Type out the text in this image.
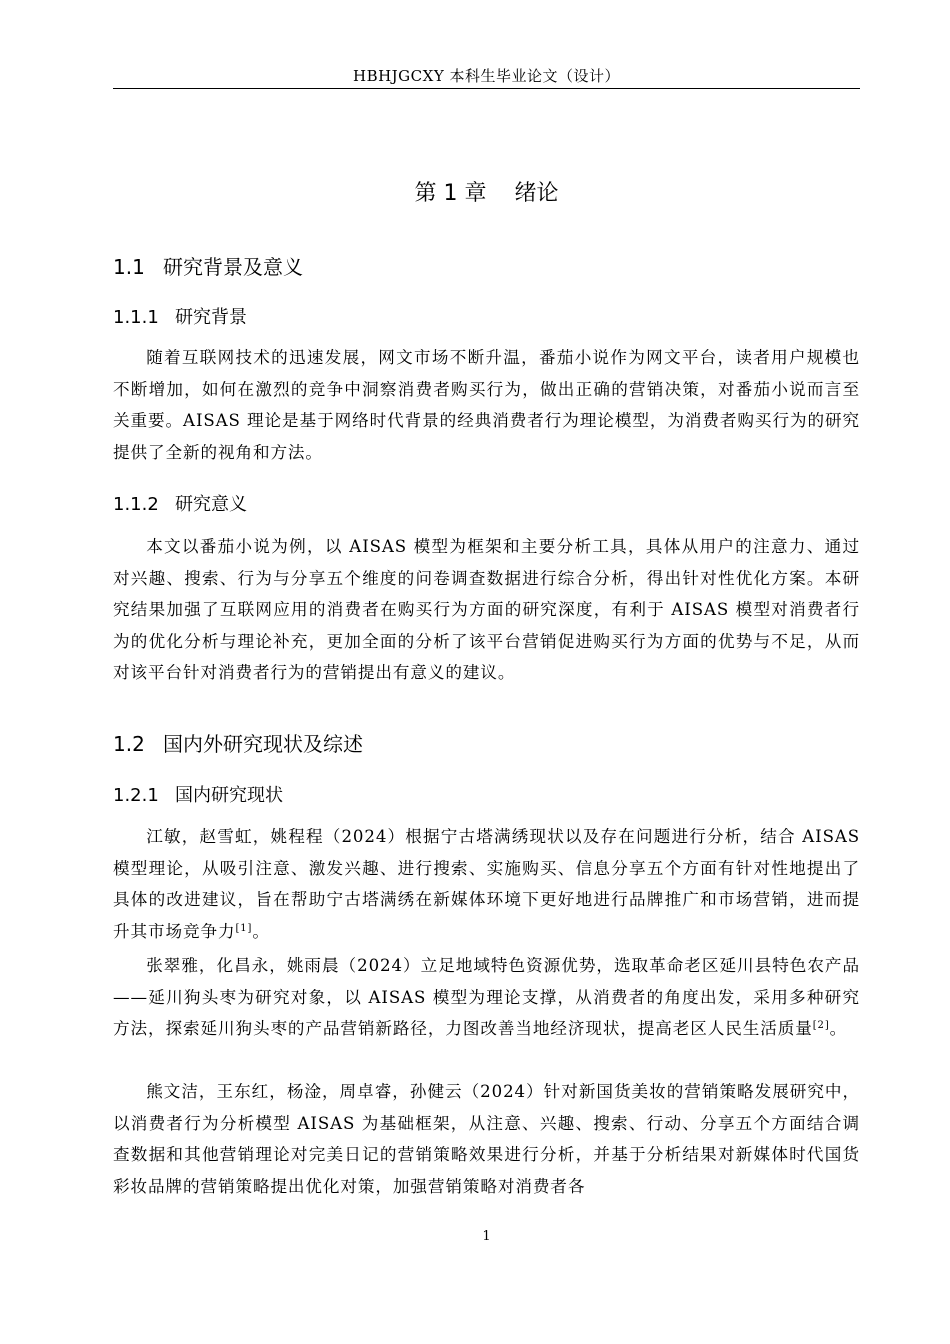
HBHJGCXY 本科生毕业论文（设计）
第 1 章 绪论
1.1 研究背景及意义
1.1.1 研究背景

随着互联网技术的迅速发展，网文市场不断升温，番茄小说作为网文平台，读者用户规模也不断增加，如何在激烈的竞争中洞察消费者购买行为，做出正确的营销决策，对番茄小说而言至关重要。AISAS 理论是基于网络时代背景的经典消费者行为理论模型，为消费者购买行为的研究提供了全新的视角和方法。

1.1.2 研究意义

本文以番茄小说为例，以 AISAS 模型为框架和主要分析工具，具体从用户的注意力、通过对兴趣、搜索、行为与分享五个维度的问卷调查数据进行综合分析，得出针对性优化方案。本研究结果加强了互联网应用的消费者在购买行为方面的研究深度，有利于 AISAS 模型对消费者行为的优化分析与理论补充，更加全面的分析了该平台营销促进购买行为方面的优势与不足，从而对该平台针对消费者行为的营销提出有意义的建议。

1.2 国内外研究现状及综述
1.2.1 国内研究现状

江敏，赵雪虹，姚程程（2024）根据宁古塔满绣现状以及存在问题进行分析，结合 AISAS 模型理论，从吸引注意、激发兴趣、进行搜索、实施购买、信息分享五个方面有针对性地提出了具体的改进建议，旨在帮助宁古塔满绣在新媒体环境下更好地进行品牌推广和市场营销，进而提升其市场竞争力[1]。

张翠雅，化昌永，姚雨晨（2024）立足地域特色资源优势，选取革命老区延川县特色农产品——延川狗头枣为研究对象，以 AISAS 模型为理论支撑，从消费者的角度出发，采用多种研究方法，探索延川狗头枣的产品营销新路径，力图改善当地经济现状，提高老区人民生活质量[2]。

熊文洁，王东红，杨淦，周卓睿，孙健云（2024）针对新国货美妆的营销策略发展研究中，以消费者行为分析模型 AISAS 为基础框架，从注意、兴趣、搜索、行动、分享五个方面结合调查数据和其他营销理论对完美日记的营销策略效果进行分析，并基于分析结果对新媒体时代国货彩妆品牌的营销策略提出优化对策，加强营销策略对消费者各

1
